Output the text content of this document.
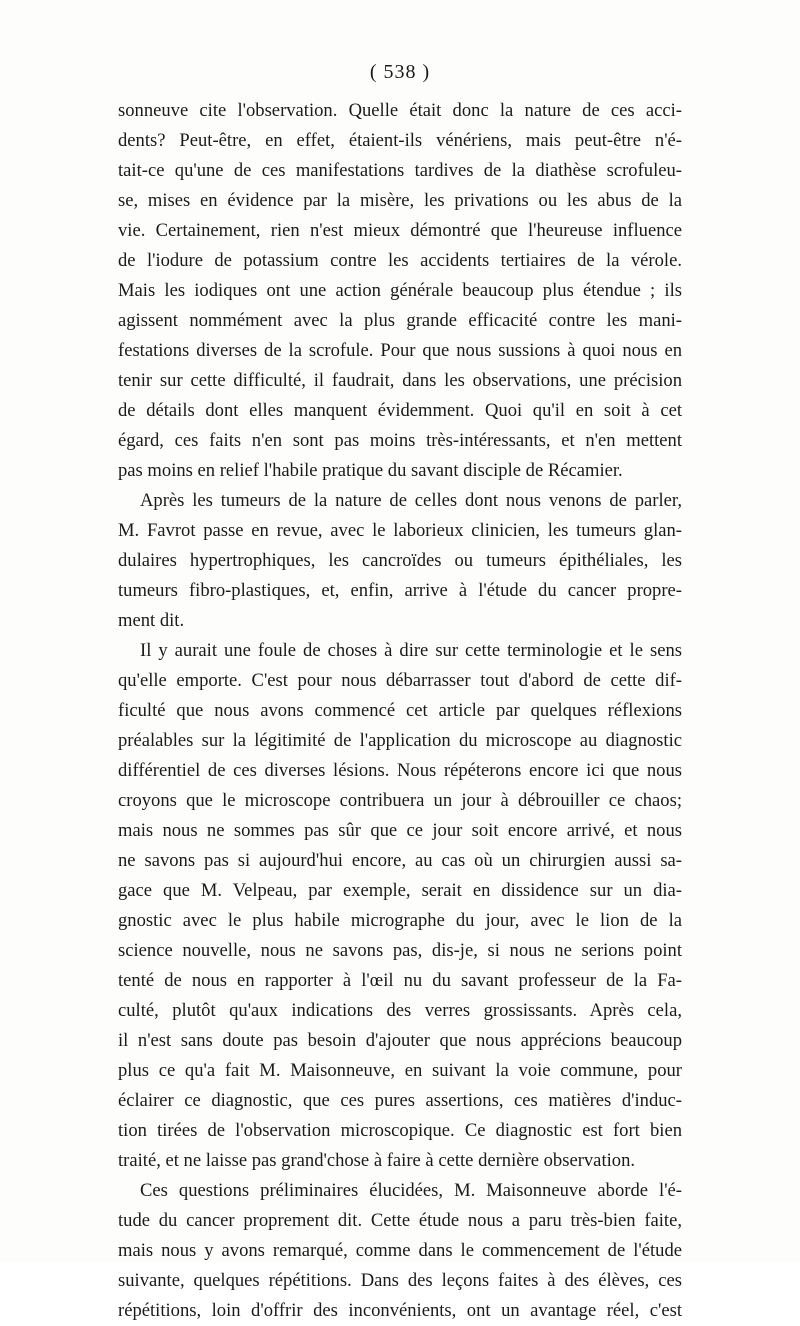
( 538 )
sonneuve cite l'observation. Quelle était donc la nature de ces acci-
dents? Peut-être, en effet, étaient-ils vénériens, mais peut-être n'é-
tait-ce qu'une de ces manifestations tardives de la diathèse scrofuleu-
se, mises en évidence par la misère, les privations ou les abus de la
vie. Certainement, rien n'est mieux démontré que l'heureuse influence
de l'iodure de potassium contre les accidents tertiaires de la vérole.
Mais les iodiques ont une action générale beaucoup plus étendue ; ils
agissent nommément avec la plus grande efficacité contre les mani-
festations diverses de la scrofule. Pour que nous sussions à quoi nous en
tenir sur cette difficulté, il faudrait, dans les observations, une précision
de détails dont elles manquent évidemment. Quoi qu'il en soit à cet
égard, ces faits n'en sont pas moins très-intéressants, et n'en mettent
pas moins en relief l'habile pratique du savant disciple de Récamier.
Après les tumeurs de la nature de celles dont nous venons de parler,
M. Favrot passe en revue, avec le laborieux clinicien, les tumeurs glan-
dulaires hypertrophiques, les cancroïdes ou tumeurs épithéliales, les
tumeurs fibro-plastiques, et, enfin, arrive à l'étude du cancer propre-
ment dit.
Il y aurait une foule de choses à dire sur cette terminologie et le sens
qu'elle emporte. C'est pour nous débarrasser tout d'abord de cette dif-
ficulté que nous avons commencé cet article par quelques réflexions
préalables sur la légitimité de l'application du microscope au diagnostic
différentiel de ces diverses lésions. Nous répéterons encore ici que nous
croyons que le microscope contribuera un jour à débrouiller ce chaos;
mais nous ne sommes pas sûr que ce jour soit encore arrivé, et nous
ne savons pas si aujourd'hui encore, au cas où un chirurgien aussi sa-
gace que M. Velpeau, par exemple, serait en dissidence sur un dia-
gnostic avec le plus habile micrographe du jour, avec le lion de la
science nouvelle, nous ne savons pas, dis-je, si nous ne serions point
tenté de nous en rapporter à l'œil nu du savant professeur de la Fa-
culté, plutôt qu'aux indications des verres grossissants. Après cela,
il n'est sans doute pas besoin d'ajouter que nous apprécions beaucoup
plus ce qu'a fait M. Maisonneuve, en suivant la voie commune, pour
éclairer ce diagnostic, que ces pures assertions, ces matières d'induc-
tion tirées de l'observation microscopique. Ce diagnostic est fort bien
traité, et ne laisse pas grand'chose à faire à cette dernière observation.
Ces questions préliminaires élucidées, M. Maisonneuve aborde l'é-
tude du cancer proprement dit. Cette étude nous a paru très-bien faite,
mais nous y avons remarqué, comme dans le commencement de l'étude
suivante, quelques répétitions. Dans des leçons faites à des élèves, ces
répétitions, loin d'offrir des inconvénients, ont un avantage réel, c'est
